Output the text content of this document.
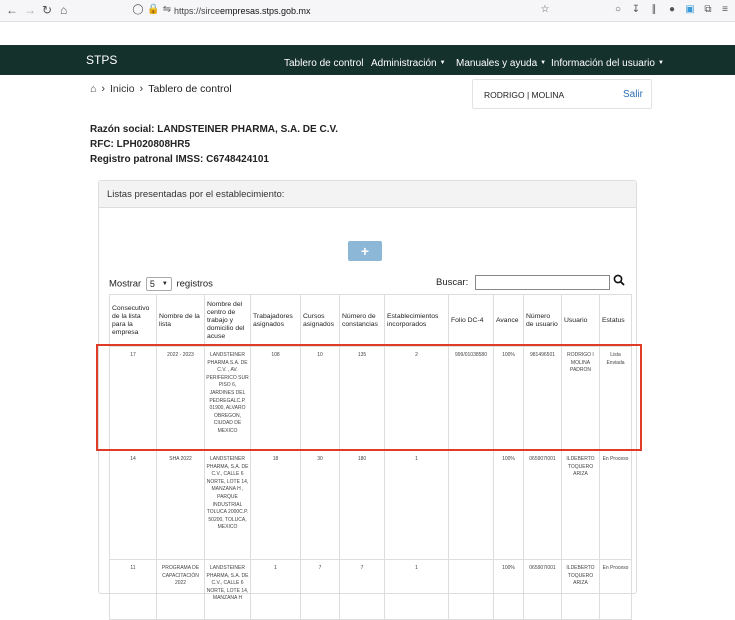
← → ↻ ⌂	◯ 🔒 ⇋ https://sirceempresas.stps.gob.mx	☆	○ ↧	∥	● ▣ ⧉	≡
STPS	Tablero de control Administración ▼ Manuales y ayuda ▼ Información del usuario ▼
⌂ › Inicio › Tablero de control	RODRIGO | MOLINA	Salir
Razón social: LANDSTEINER PHARMA, S.A. DE C.V.
RFC: LPH020808HR5
Registro patronal IMSS: C6748424101
Listas presentadas por el establecimiento:
+
Mostrar 5 ▼ registros	Buscar:
Consecutivo de la lista para la empresa	Nombre de la lista	Nombre del centro de trabajo y domicilio del acuse	Trabajadores asignados	Cursos asignados	Número de constancias	Establecimientos incorporados	Folio DC-4	Avance	Número de usuario	Usuario	Estatus
17	2022 - 2023	LANDSTEINER PHARMA S.A. DE C.V. , AV. PERIFERICO SUR PISO 6, JARDINES DEL PEDREGALC.P. 01900, ALVARO OBREGON, CIUDAD DE MEXICO	108	10	135	2	999/01038580	100%	981496501	RODRIGO I MOLINA PADRON	Lista Enviada
14	SHA 2022	LANDSTEINER PHARMA, S.A. DE C.V., CALLE 6 NORTE, LOTE 14, MANZANA H , PARQUE INDUSTRIAL TOLUCA 2000C.P. 50200, TOLUCA, MEXICO	18	30	180	1		100%	065907I001	ILDEBERTO TOQUERO ARIZA	En Proceso
11	PROGRAMA DE CAPACITACIÓN 2022	LANDSTEINER PHARMA, S.A. DE C.V., CALLE 6 NORTE, LOTE 14, MANZANA H	1	7	7	1		100%	065907I001	ILDEBERTO TOQUERO ARIZA	En Proceso
